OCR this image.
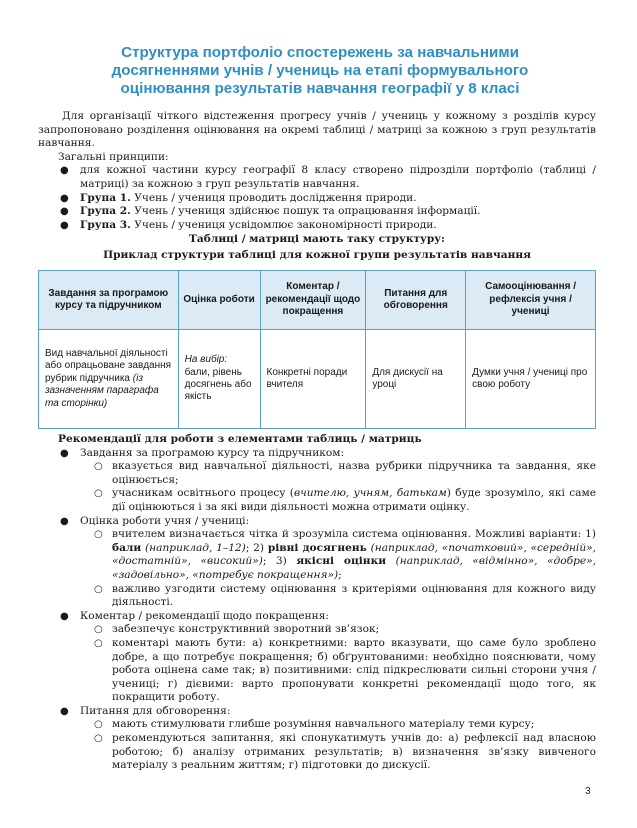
Структура портфоліо спостережень за навчальними
досягненнями учнів / учениць на етапі формувального
оцінювання результатів навчання географії у 8 класі

Для організації чіткого відстеження прогресу учнів / учениць у кожному з розділів курсу запропоновано розділення оцінювання на окремі таблиці / матриці за кожною з груп результатів навчання.

Загальні принципи:

● для кожної частини курсу географії 8 класу створено підрозділи портфоліо (таблиці / матриці) за кожною з груп результатів навчання.

● Група 1. Учень / учениця проводить дослідження природи.

● Група 2. Учень / учениця здійснює пошук та опрацювання інформації.

● Група 3. Учень / учениця усвідомлює закономірності природи.

Таблиці / матриці мають таку структуру:

Приклад структури таблиці для кожної групи результатів навчання

Завдання за програмою курсу та підручником	Оцінка роботи	Коментар / рекомендації щодо покращення	Питання для обговорення	Самооцінювання / рефлексія учня / учениці
Вид навчальної діяльності або опрацьоване завдання рубрик підручника (із зазначенням параграфа та сторінки)	На вибір:
бали, рівень досягнень або якість	Конкретні поради вчителя	Для дискусії на уроці	Думки учня / учениці про свою роботу

Рекомендації для роботи з елементами таблиць / матриць

● Завдання за програмою курсу та підручником:

○ вказується вид навчальної діяльності, назва рубрики підручника та завдання, яке оцінюється;

○ учасникам освітнього процесу (вчителю, учням, батькам) буде зрозуміло, які саме дії оцінюються і за які види діяльності можна отримати оцінку.

● Оцінка роботи учня / учениці:

○ вчителем визначається чітка й зрозуміла система оцінювання. Можливі варіанти: 1) бали (наприклад, 1–12); 2) рівні досягнень (наприклад, «початковий», «середній», «достатній», «високий»); 3) якісні оцінки (наприклад, «відмінно», «добре», «задовільно», «потребує покращення»);

○ важливо узгодити систему оцінювання з критеріями оцінювання для кожного виду діяльності.

● Коментар / рекомендації щодо покращення:

○ забезпечує конструктивний зворотний зв’язок;

○ коментарі мають бути: а) конкретними: варто вказувати, що саме було зроблено добре, а що потребує покращення; б) обґрунтованими: необхідно пояснювати, чому робота оцінена саме так; в) позитивними: слід підкреслювати сильні сторони учня / учениці; г) дієвими: варто пропонувати конкретні рекомендації щодо того, як покращити роботу.

● Питання для обговорення:

○ мають стимулювати глибше розуміння навчального матеріалу теми курсу;

○ рекомендуються запитання, які спонукатимуть учнів до: а) рефлексії над власною роботою; б) аналізу отриманих результатів; в) визначення зв’язку вивченого матеріалу з реальним життям; г) підготовки до дискусії.

3
